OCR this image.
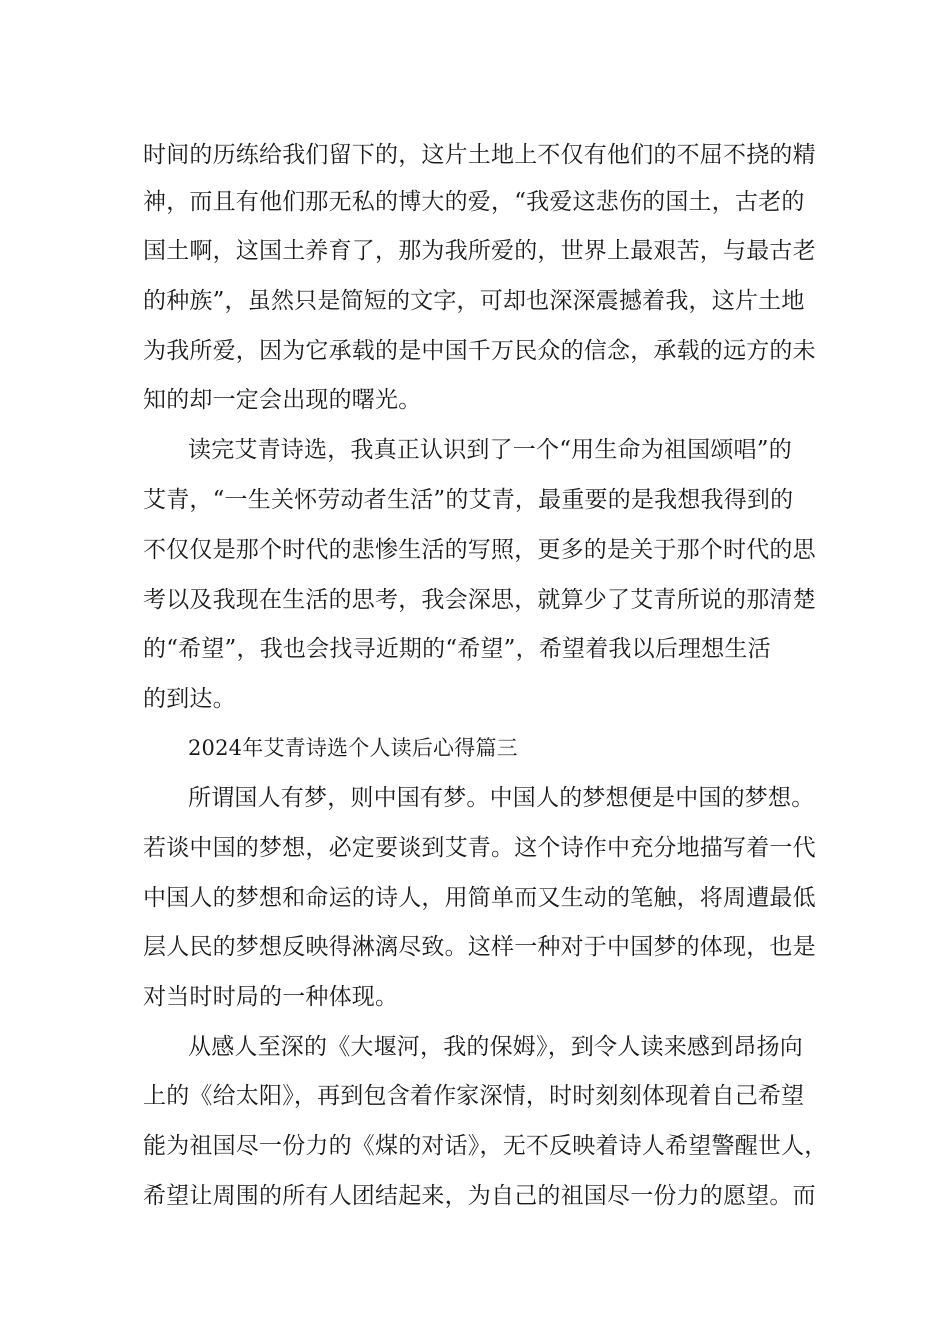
时间的历练给我们留下的，这片土地上不仅有他们的不屈不挠的精
神，而且有他们那无私的博大的爱，“我爱这悲伤的国土，古老的
国土啊，这国土养育了，那为我所爱的，世界上最艰苦，与最古老
的种族”，虽然只是简短的文字，可却也深深震撼着我，这片土地
为我所爱，因为它承载的是中国千万民众的信念，承载的远方的未
知的却一定会出现的曙光。
读完艾青诗选，我真正认识到了一个“用生命为祖国颂唱”的
艾青，“一生关怀劳动者生活”的艾青，最重要的是我想我得到的
不仅仅是那个时代的悲惨生活的写照，更多的是关于那个时代的思
考以及我现在生活的思考，我会深思，就算少了艾青所说的那清楚
的“希望”，我也会找寻近期的“希望”，希望着我以后理想生活
的到达。
2024年艾青诗选个人读后心得篇三
所谓国人有梦，则中国有梦。中国人的梦想便是中国的梦想。
若谈中国的梦想，必定要谈到艾青。这个诗作中充分地描写着一代
中国人的梦想和命运的诗人，用简单而又生动的笔触，将周遭最低
层人民的梦想反映得淋漓尽致。这样一种对于中国梦的体现，也是
对当时时局的一种体现。
从感人至深的《大堰河，我的保姆》，到令人读来感到昂扬向
上的《给太阳》，再到包含着作家深情，时时刻刻体现着自己希望
能为祖国尽一份力的《煤的对话》，无不反映着诗人希望警醒世人，
希望让周围的所有人团结起来，为自己的祖国尽一份力的愿望。而
